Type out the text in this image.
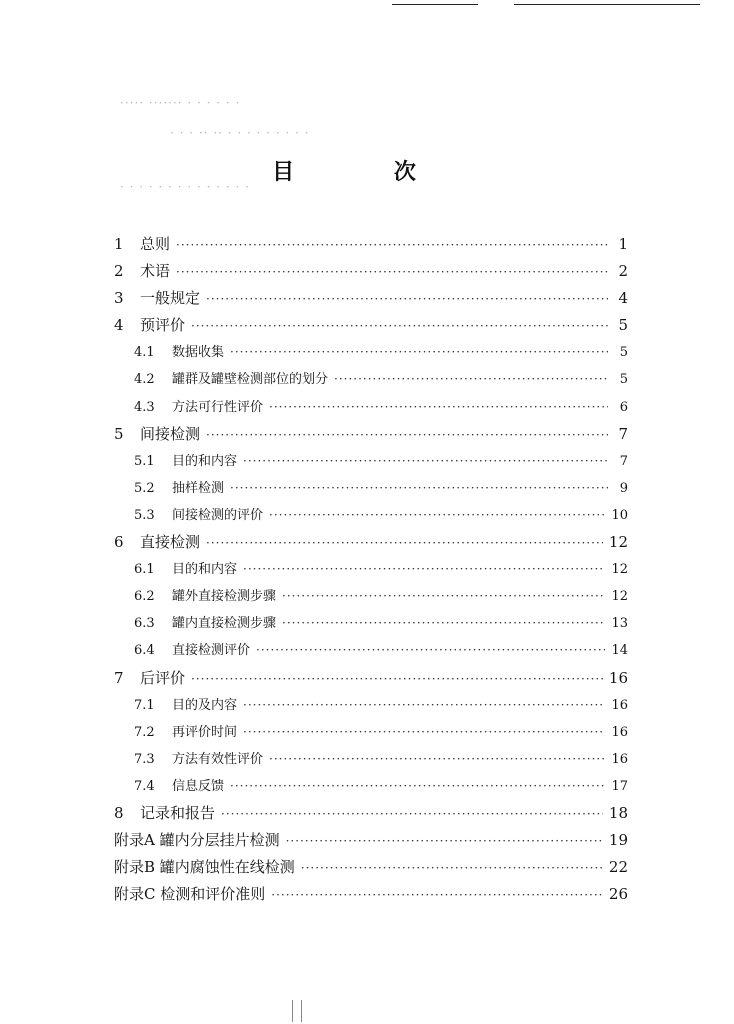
····· ······· · · · · · ·
· · · ·· ·· · · · · · · · · ·
· · · · · · · · · · · · · ·
目 次
1	总则 ·····	1
2	术语 ·····	2
3	一般规定 ·····	4
4	预评价 ·····	5
4.1	数据收集 ·····	5
4.2	罐群及罐壁检测部位的划分 ·····	5
4.3	方法可行性评价 ·····	6
5	间接检测 ·····	7
5.1	目的和内容 ·····	7
5.2	抽样检测 ·····	9
5.3	间接检测的评价 ·····	10
6	直接检测 ·····	12
6.1	目的和内容 ·····	12
6.2	罐外直接检测步骤 ·····	12
6.3	罐内直接检测步骤 ·····	13
6.4	直接检测评价 ·····	14
7	后评价 ·····	16
7.1	目的及内容 ·····	16
7.2	再评价时间 ·····	16
7.3	方法有效性评价 ·····	16
7.4	信息反馈 ·····	17
8	记录和报告 ·····	18
附录A 罐内分层挂片检测 ·····	19
附录B 罐内腐蚀性在线检测 ·····	22
附录C 检测和评价准则 ·····	26
